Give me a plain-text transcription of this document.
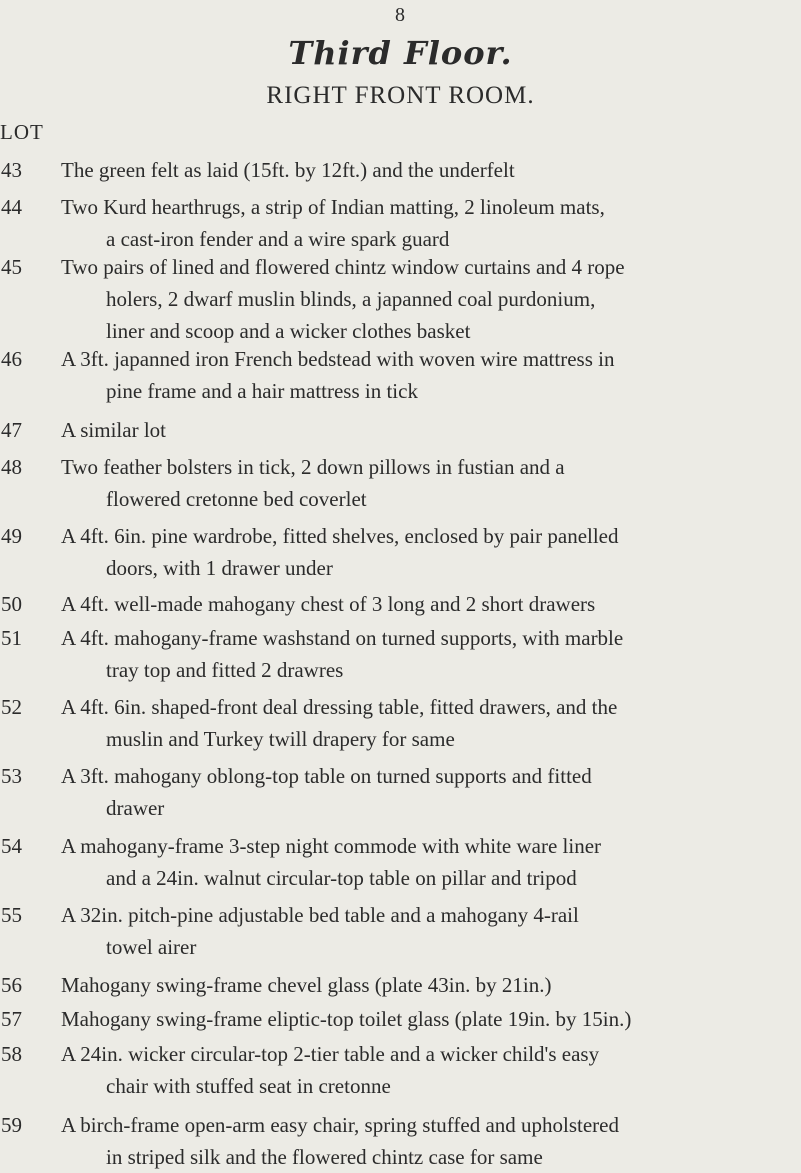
8
Third Floor.
RIGHT FRONT ROOM.
LOT
43	The green felt as laid (15ft. by 12ft.) and the underfelt
44	Two Kurd hearthrugs, a strip of Indian matting, 2 linoleum mats,
a cast-iron fender and a wire spark guard
45	Two pairs of lined and flowered chintz window curtains and 4 rope
holers, 2 dwarf muslin blinds, a japanned coal purdonium,
liner and scoop and a wicker clothes basket
46	A 3ft. japanned iron French bedstead with woven wire mattress in
pine frame and a hair mattress in tick
47	A similar lot
48	Two feather bolsters in tick, 2 down pillows in fustian and a
flowered cretonne bed coverlet
49	A 4ft. 6in. pine wardrobe, fitted shelves, enclosed by pair panelled
doors, with 1 drawer under
50	A 4ft. well-made mahogany chest of 3 long and 2 short drawers
51	A 4ft. mahogany-frame washstand on turned supports, with marble
tray top and fitted 2 drawres
52	A 4ft. 6in. shaped-front deal dressing table, fitted drawers, and the
muslin and Turkey twill drapery for same
53	A 3ft. mahogany oblong-top table on turned supports and fitted
drawer
54	A mahogany-frame 3-step night commode with white ware liner
and a 24in. walnut circular-top table on pillar and tripod
55	A 32in. pitch-pine adjustable bed table and a mahogany 4-rail
towel airer
56	Mahogany swing-frame chevel glass (plate 43in. by 21in.)
57	Mahogany swing-frame eliptic-top toilet glass (plate 19in. by 15in.)
58	A 24in. wicker circular-top 2-tier table and a wicker child's easy
chair with stuffed seat in cretonne
59	A birch-frame open-arm easy chair, spring stuffed and upholstered
in striped silk and the flowered chintz case for same
